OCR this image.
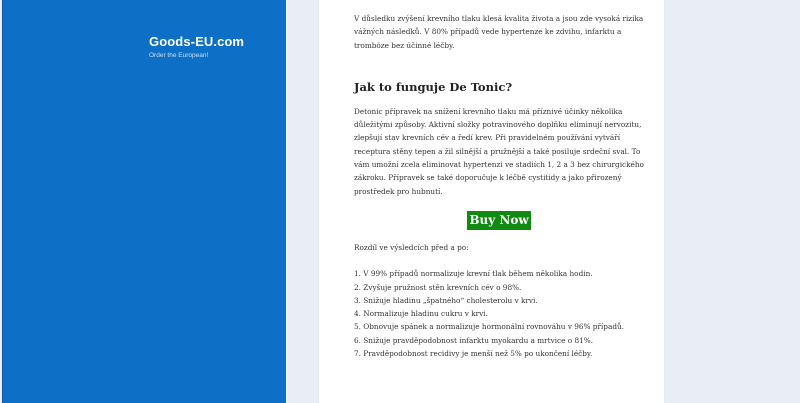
Goods-EU.com
Order the European!

V důsledku zvýšení krevního tlaku klesá kvalita života a jsou zde vysoká rizika vážných následků. V 80% případů vede hypertenze ke zdvihu, infarktu a trombóze bez účinné léčby.

Jak to funguje De Tonic?

Detonic přípravek na snížení krevního tlaku má příznivé účinky několika důležitými způsoby. Aktivní složky potravinového doplňku eliminují nervozitu, zlepšují stav krevních cév a ředí krev. Při pravidelném používání vytváří receptura stěny tepen a žil silnější a pružnější a také posiluje srdeční sval. To vám umožní zcela eliminovat hypertenzi ve stadiích 1, 2 a 3 bez chirurgického zákroku. Přípravek se také doporučuje k léčbě cystitidy a jako přirozený prostředek pro hubnutí.

Buy Now

Rozdíl ve výsledcích před a po:

1. V 99% případů normalizuje krevní tlak během několika hodin.
2. Zvyšuje pružnost stěn krevních cév o 98%.
3. Snižuje hladinu „špatného“ cholesterolu v krvi.
4. Normalizuje hladinu cukru v krvi.
5. Obnovuje spánek a normalizuje hormonální rovnováhu v 96% případů.
6. Snižuje pravděpodobnost infarktu myokardu a mrtvice o 81%.
7. Pravděpodobnost recidivy je menší než 5% po ukončení léčby.
